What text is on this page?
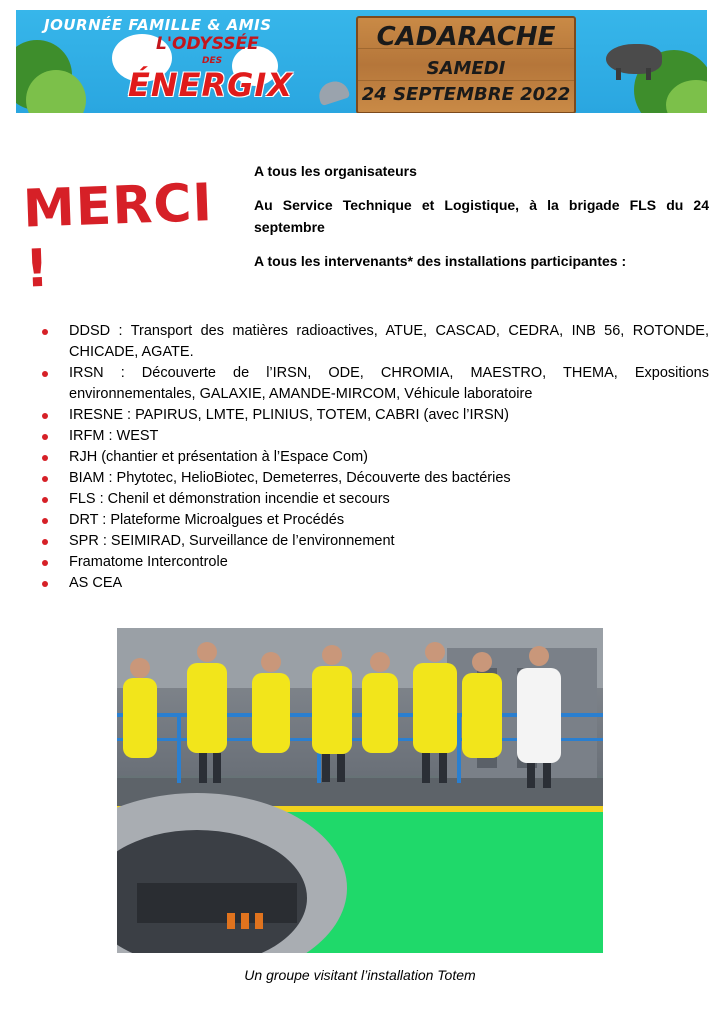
JOURNÉE FAMILLE & AMIS
L'ODYSSÉE
DES
ÉNERGIX
CADARACHE
SAMEDI
24 SEPTEMBRE 2022
MERCI !
A tous les organisateurs
Au Service Technique et Logistique, à la brigade FLS du 24 septembre
A tous les intervenants* des installations participantes :
DDSD : Transport des matières radioactives, ATUE, CASCAD, CEDRA, INB 56, ROTONDE, CHICADE, AGATE.
IRSN : Découverte de l’IRSN, ODE, CHROMIA, MAESTRO, THEMA, Expositions environnementales, GALAXIE, AMANDE-MIRCOM, Véhicule laboratoire
IRESNE : PAPIRUS, LMTE, PLINIUS, TOTEM, CABRI (avec l’IRSN)
IRFM : WEST
RJH (chantier et présentation à l’Espace Com)
BIAM : Phytotec, HelioBiotec, Demeterres, Découverte des bactéries
FLS : Chenil et démonstration incendie et secours
DRT : Plateforme Microalgues et Procédés
SPR : SEIMIRAD, Surveillance de l’environnement
Framatome Intercontrole
AS CEA
Un groupe visitant l’installation Totem
